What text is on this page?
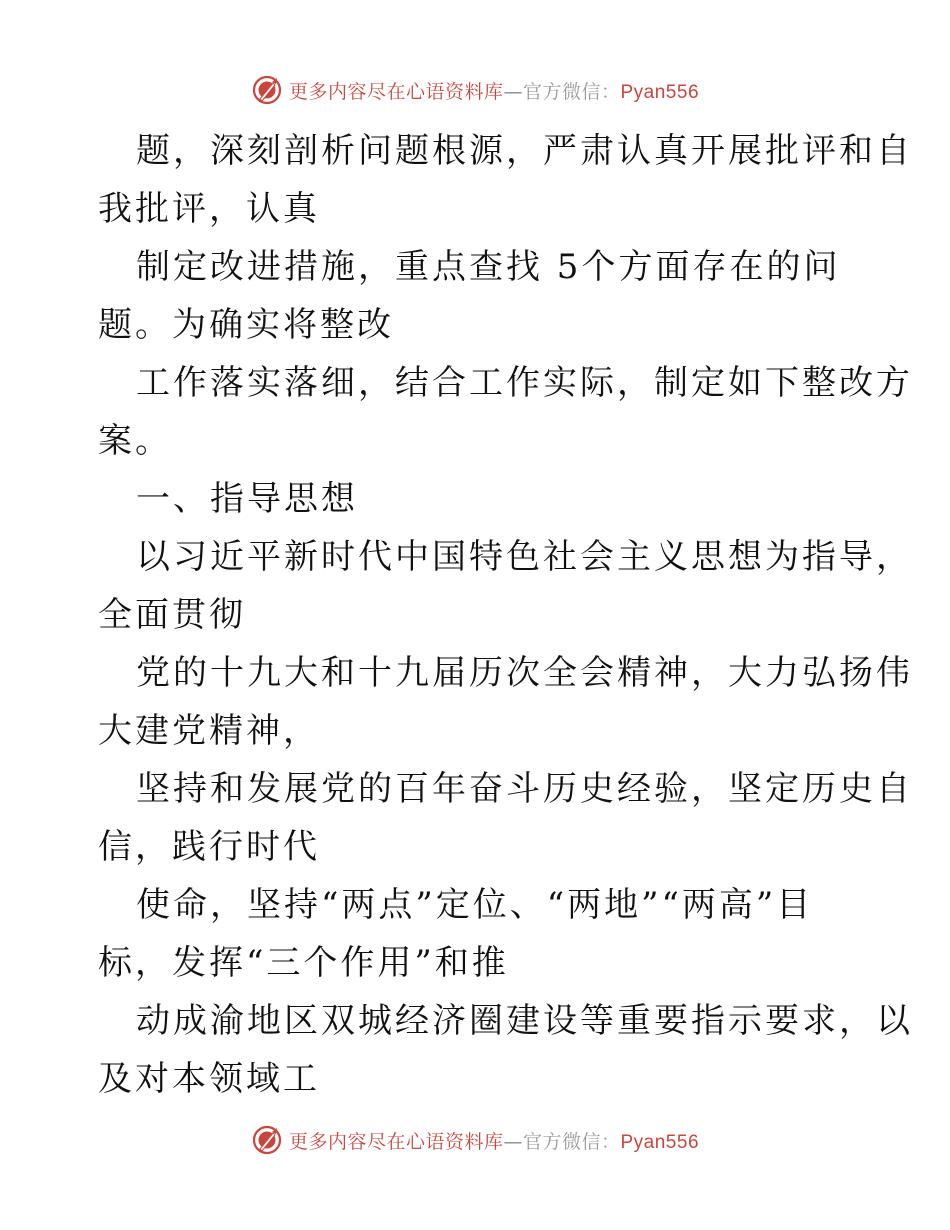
更多内容尽在心语资料库—官方微信：Pyan556
题，深刻剖析问题根源，严肃认真开展批评和自
我批评，认真
制定改进措施，重点查找 5个方面存在的问
题。为确实将整改
工作落实落细，结合工作实际，制定如下整改方
案。
一、指导思想
以习近平新时代中国特色社会主义思想为指导，
全面贯彻
党的十九大和十九届历次全会精神，大力弘扬伟
大建党精神，
坚持和发展党的百年奋斗历史经验，坚定历史自
信，践行时代
使命，坚持“两点”定位、“两地”“两高”目
标，发挥“三个作用”和推
动成渝地区双城经济圈建设等重要指示要求，以
及对本领域工
更多内容尽在心语资料库—官方微信：Pyan556
